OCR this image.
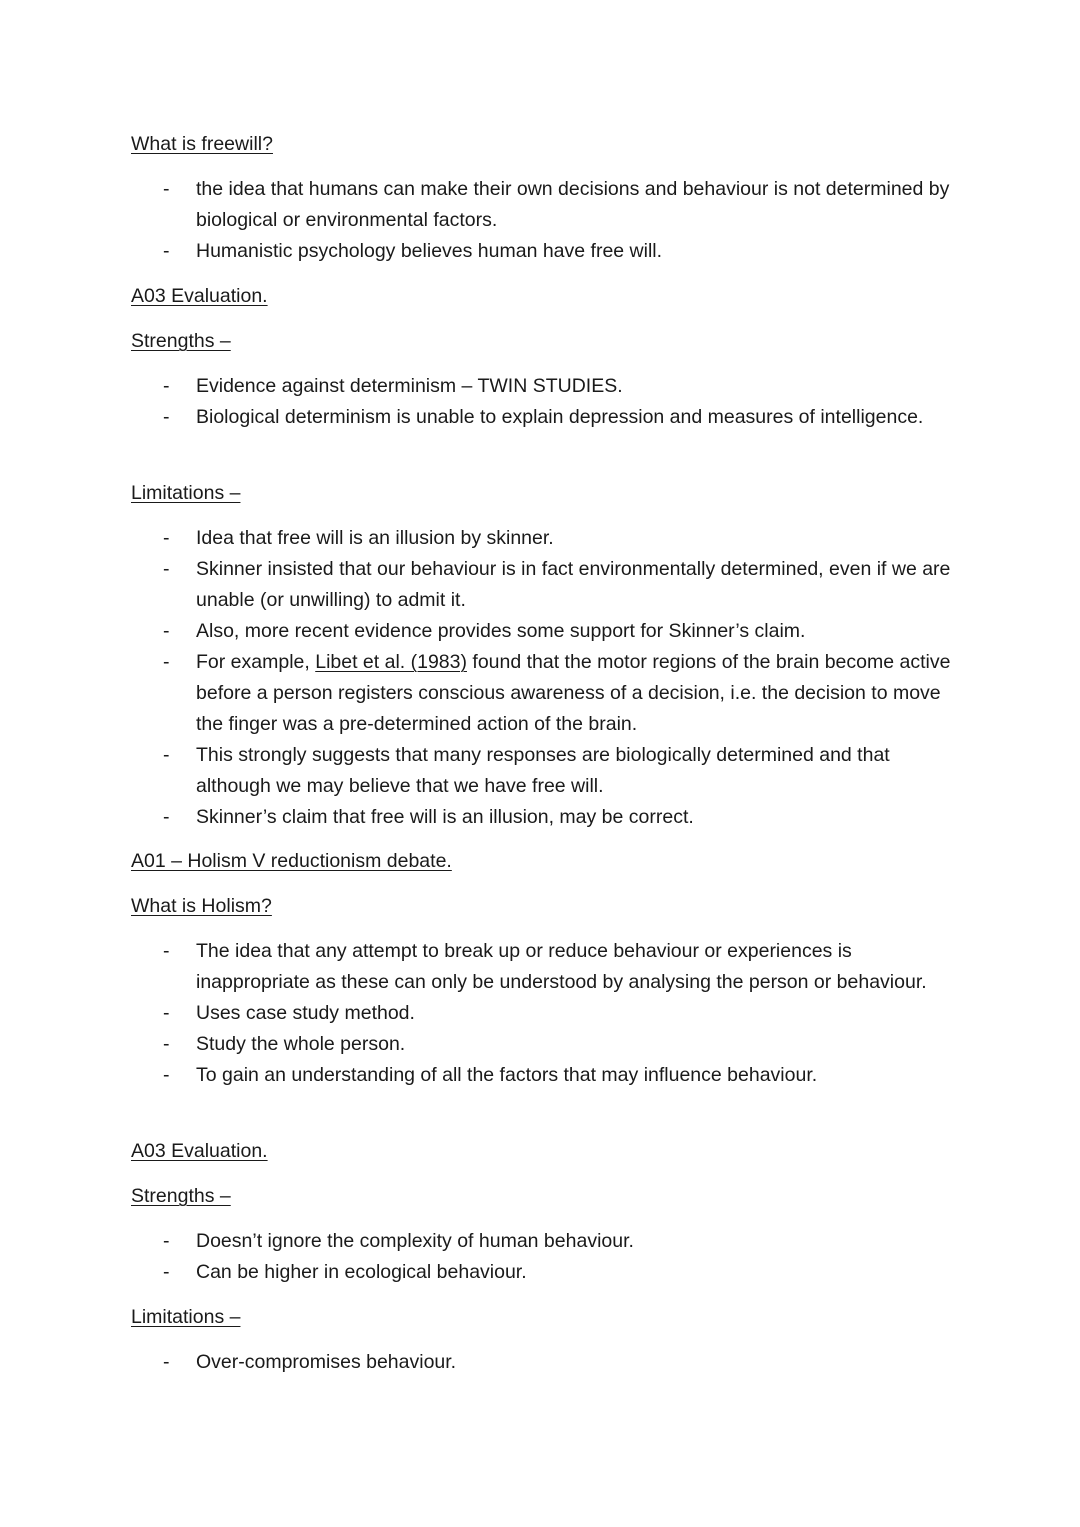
What is freewill?
- the idea that humans can make their own decisions and behaviour is not determined by biological or environmental factors.
- Humanistic psychology believes human have free will.
A03 Evaluation.
Strengths –
- Evidence against determinism – TWIN STUDIES.
- Biological determinism is unable to explain depression and measures of intelligence.
Limitations –
- Idea that free will is an illusion by skinner.
- Skinner insisted that our behaviour is in fact environmentally determined, even if we are unable (or unwilling) to admit it.
- Also, more recent evidence provides some support for Skinner’s claim.
- For example, Libet et al. (1983) found that the motor regions of the brain become active before a person registers conscious awareness of a decision, i.e. the decision to move the finger was a pre-determined action of the brain.
- This strongly suggests that many responses are biologically determined and that although we may believe that we have free will.
- Skinner’s claim that free will is an illusion, may be correct.
A01 – Holism V reductionism debate.
What is Holism?
- The idea that any attempt to break up or reduce behaviour or experiences is inappropriate as these can only be understood by analysing the person or behaviour.
- Uses case study method.
- Study the whole person.
- To gain an understanding of all the factors that may influence behaviour.
A03 Evaluation.
Strengths –
- Doesn’t ignore the complexity of human behaviour.
- Can be higher in ecological behaviour.
Limitations –
- Over-compromises behaviour.
